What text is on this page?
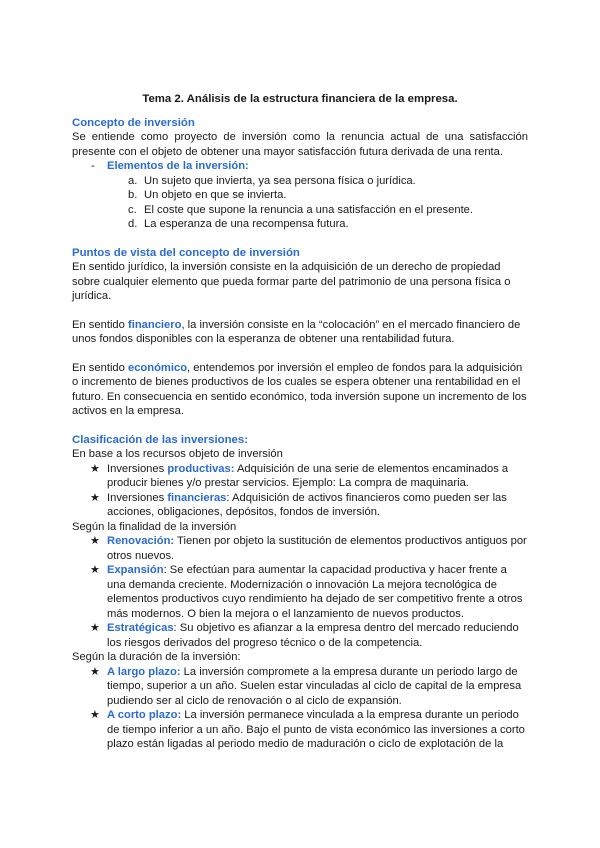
Tema 2. Análisis de la estructura financiera de la empresa.
Concepto de inversión

Se entiende como proyecto de inversión como la renuncia actual de una satisfacción presente con el objeto de obtener una mayor satisfacción futura derivada de una renta.

-	Elementos de la inversión:
a. Un sujeto que invierta, ya sea persona física o jurídica.
b. Un objeto en que se invierta.
c. El coste que supone la renuncia a una satisfacción en el presente.
d. La esperanza de una recompensa futura.
Puntos de vista del concepto de inversión

En sentido jurídico, la inversión consiste en la adquisición de un derecho de propiedad sobre cualquier elemento que pueda formar parte del patrimonio de una persona física o jurídica.

En sentido financiero, la inversión consiste en la “colocación” en el mercado financiero de unos fondos disponibles con la esperanza de obtener una rentabilidad futura.

En sentido económico, entendemos por inversión el empleo de fondos para la adquisición o incremento de bienes productivos de los cuales se espera obtener una rentabilidad en el futuro. En consecuencia en sentido económico, toda inversión supone un incremento de los activos en la empresa.

Clasificación de las inversiones:
En base a los recursos objeto de inversión
★ Inversiones productivas: Adquisición de una serie de elementos encaminados a producir bienes y/o prestar servicios. Ejemplo: La compra de maquinaria.
★ Inversiones financieras: Adquisición de activos financieros como pueden ser las acciones, obligaciones, depósitos, fondos de inversión.
Según la finalidad de la inversión
★ Renovación: Tienen por objeto la sustitución de elementos productivos antiguos por otros nuevos.
★ Expansión: Se efectúan para aumentar la capacidad productiva y hacer frente a una demanda creciente. Modernización o innovación La mejora tecnológica de elementos productivos cuyo rendimiento ha dejado de ser competitivo frente a otros más modernos. O bien la mejora o el lanzamiento de nuevos productos.
★ Estratégicas: Su objetivo es afianzar a la empresa dentro del mercado reduciendo los riesgos derivados del progreso técnico o de la competencia.
Según la duración de la inversión:
★ A largo plazo: La inversión compromete a la empresa durante un periodo largo de tiempo, superior a un año. Suelen estar vinculadas al ciclo de capital de la empresa pudiendo ser al ciclo de renovación o al ciclo de expansión.
★ A corto plazo: La inversión permanece vinculada a la empresa durante un periodo de tiempo inferior a un año. Bajo el punto de vista económico las inversiones a corto plazo están ligadas al periodo medio de maduración o ciclo de explotación de la
